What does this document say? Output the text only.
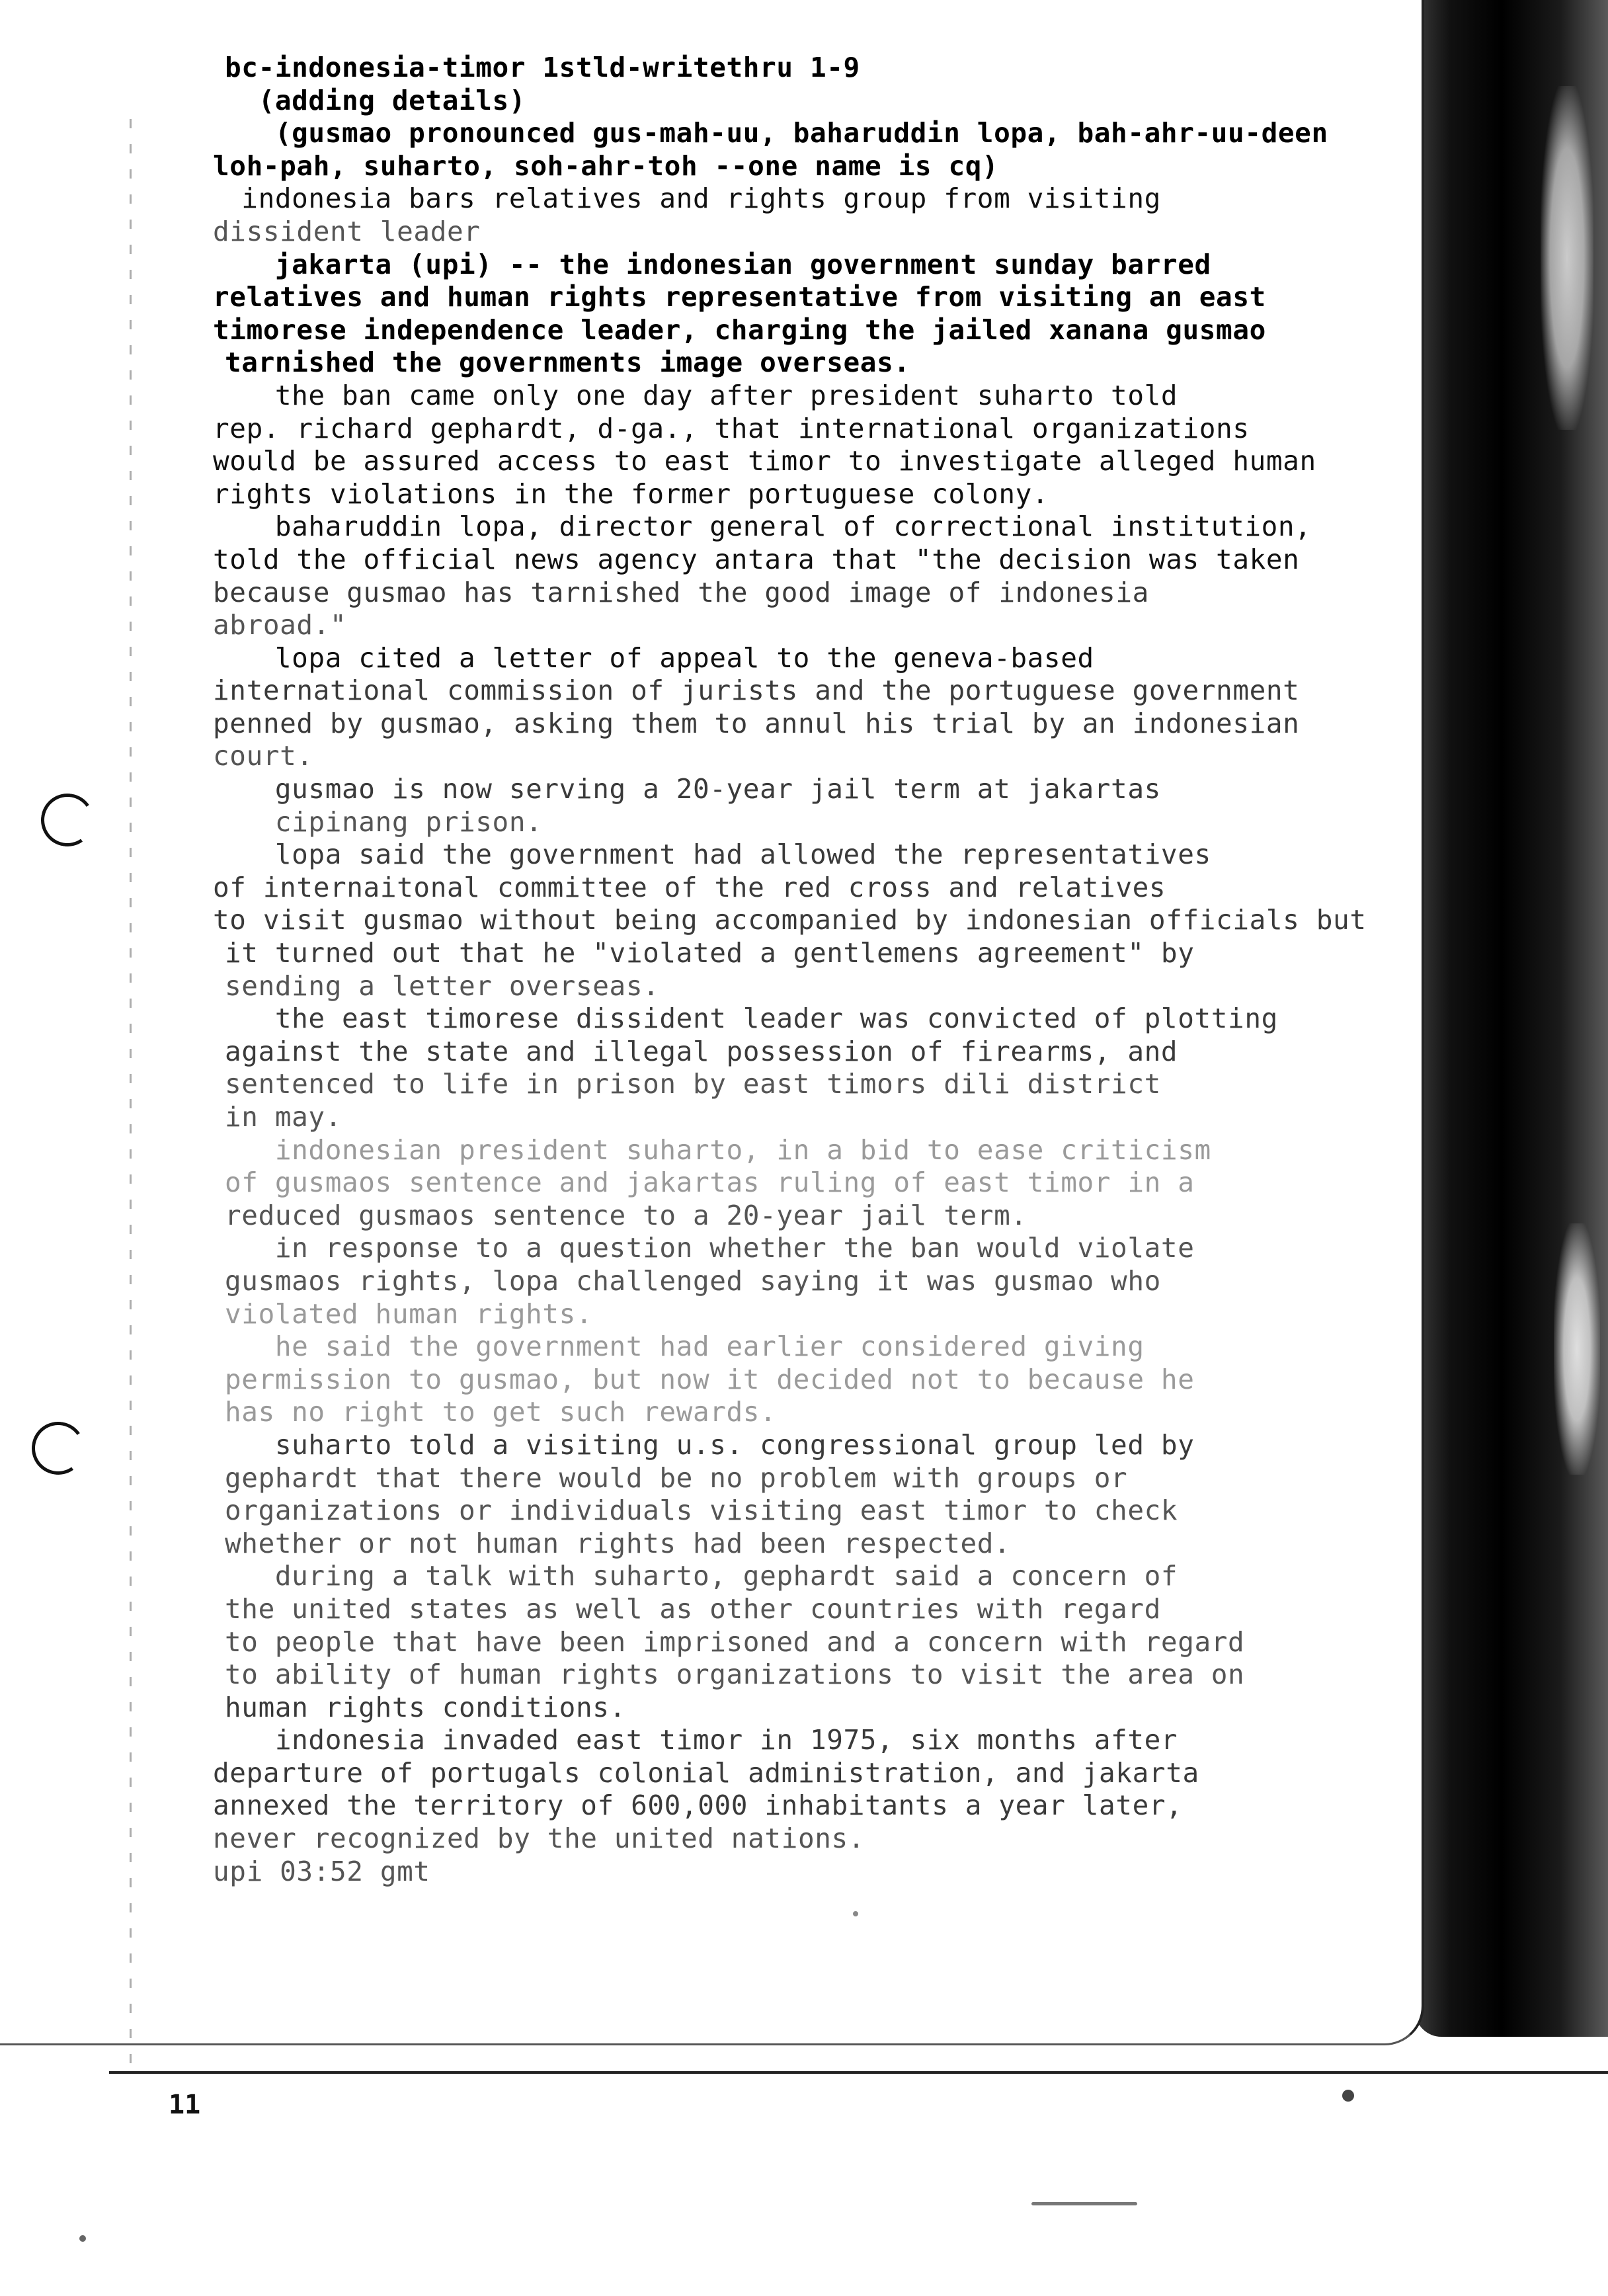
bc-indonesia-timor 1stld-writethru 1-9
(adding details)
(gusmao pronounced gus-mah-uu, baharuddin lopa, bah-ahr-uu-deen
loh-pah, suharto, soh-ahr-toh --one name is cq)
indonesia bars relatives and rights group from visiting
dissident leader
jakarta (upi) -- the indonesian government sunday barred
relatives and human rights representative from visiting an east
timorese independence leader, charging the jailed xanana gusmao
tarnished the governments image overseas.
the ban came only one day after president suharto told
rep. richard gephardt, d-ga., that international organizations
would be assured access to east timor to investigate alleged human
rights violations in the former portuguese colony.
baharuddin lopa, director general of correctional institution,
told the official news agency antara that "the decision was taken
because gusmao has tarnished the good image of indonesia
abroad."
lopa cited a letter of appeal to the geneva-based
international commission of jurists and the portuguese government
penned by gusmao, asking them to annul his trial by an indonesian
court.
gusmao is now serving a 20-year jail term at jakartas
cipinang prison.
lopa said the government had allowed the representatives
of internaitonal committee of the red cross and relatives
to visit gusmao without being accompanied by indonesian officials but
it turned out that he "violated a gentlemens agreement" by
sending a letter overseas.
the east timorese dissident leader was convicted of plotting
against the state and illegal possession of firearms, and
sentenced to life in prison by east timors dili district
in may.
indonesian president suharto, in a bid to ease criticism
of gusmaos sentence and jakartas ruling of east timor in a
reduced gusmaos sentence to a 20-year jail term.
in response to a question whether the ban would violate
gusmaos rights, lopa challenged saying it was gusmao who
violated human rights.
he said the government had earlier considered giving
permission to gusmao, but now it decided not to because he
has no right to get such rewards.
suharto told a visiting u.s. congressional group led by
gephardt that there would be no problem with groups or
organizations or individuals visiting east timor to check
whether or not human rights had been respected.
during a talk with suharto, gephardt said a concern of
the united states as well as other countries with regard
to people that have been imprisoned and a concern with regard
to ability of human rights organizations to visit the area on
human rights conditions.
indonesia invaded east timor in 1975, six months after
departure of portugals colonial administration, and jakarta
annexed the territory of 600,000 inhabitants a year later,
never recognized by the united nations.
upi 03:52 gmt
11
